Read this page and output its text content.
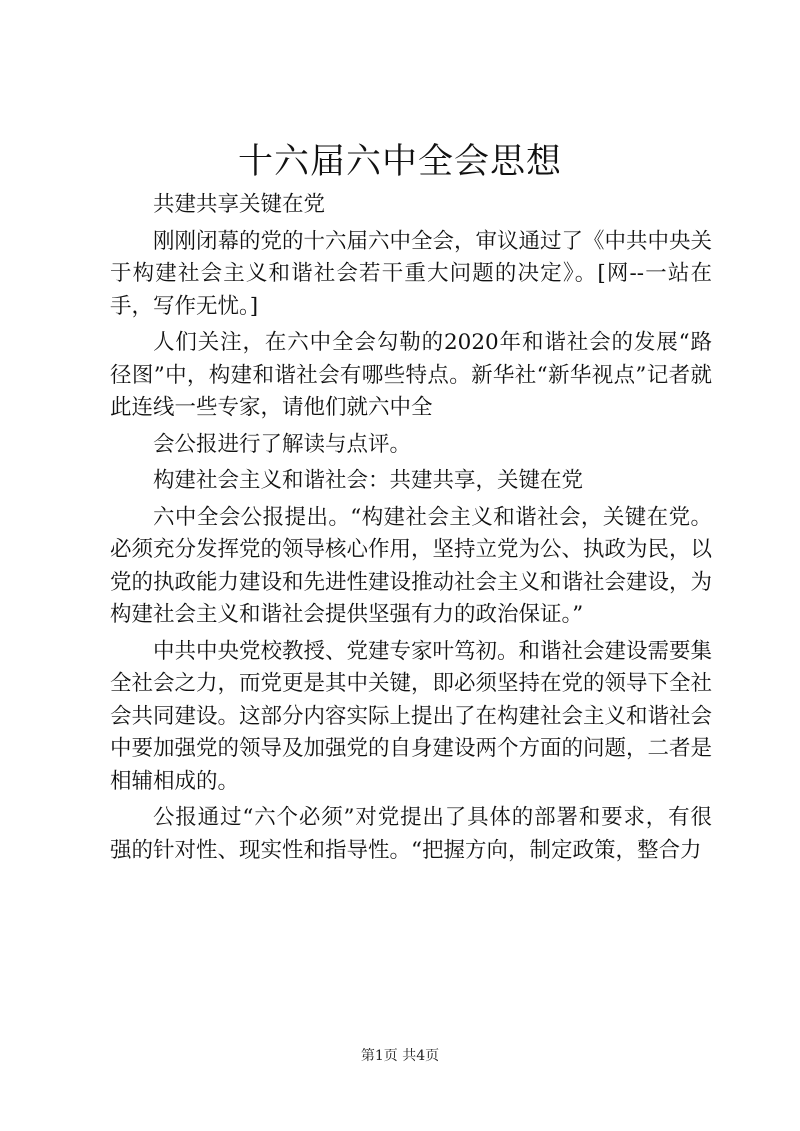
十六届六中全会思想

共建共享关键在党

刚刚闭幕的党的十六届六中全会，审议通过了《中共中央关于构建社会主义和谐社会若干重大问题的决定》。[网--一站在手，写作无忧。]

人们关注，在六中全会勾勒的2020年和谐社会的发展“路径图”中，构建和谐社会有哪些特点。新华社“新华视点”记者就此连线一些专家，请他们就六中全

会公报进行了解读与点评。

构建社会主义和谐社会：共建共享，关键在党

六中全会公报提出。“构建社会主义和谐社会，关键在党。必须充分发挥党的领导核心作用，坚持立党为公、执政为民，以党的执政能力建设和先进性建设推动社会主义和谐社会建设，为构建社会主义和谐社会提供坚强有力的政治保证。”

中共中央党校教授、党建专家叶笃初。和谐社会建设需要集全社会之力，而党更是其中关键，即必须坚持在党的领导下全社会共同建设。这部分内容实际上提出了在构建社会主义和谐社会中要加强党的领导及加强党的自身建设两个方面的问题，二者是相辅相成的。

公报通过“六个必须”对党提出了具体的部署和要求，有很强的针对性、现实性和指导性。“把握方向，制定政策，整合力

第1页 共4页
